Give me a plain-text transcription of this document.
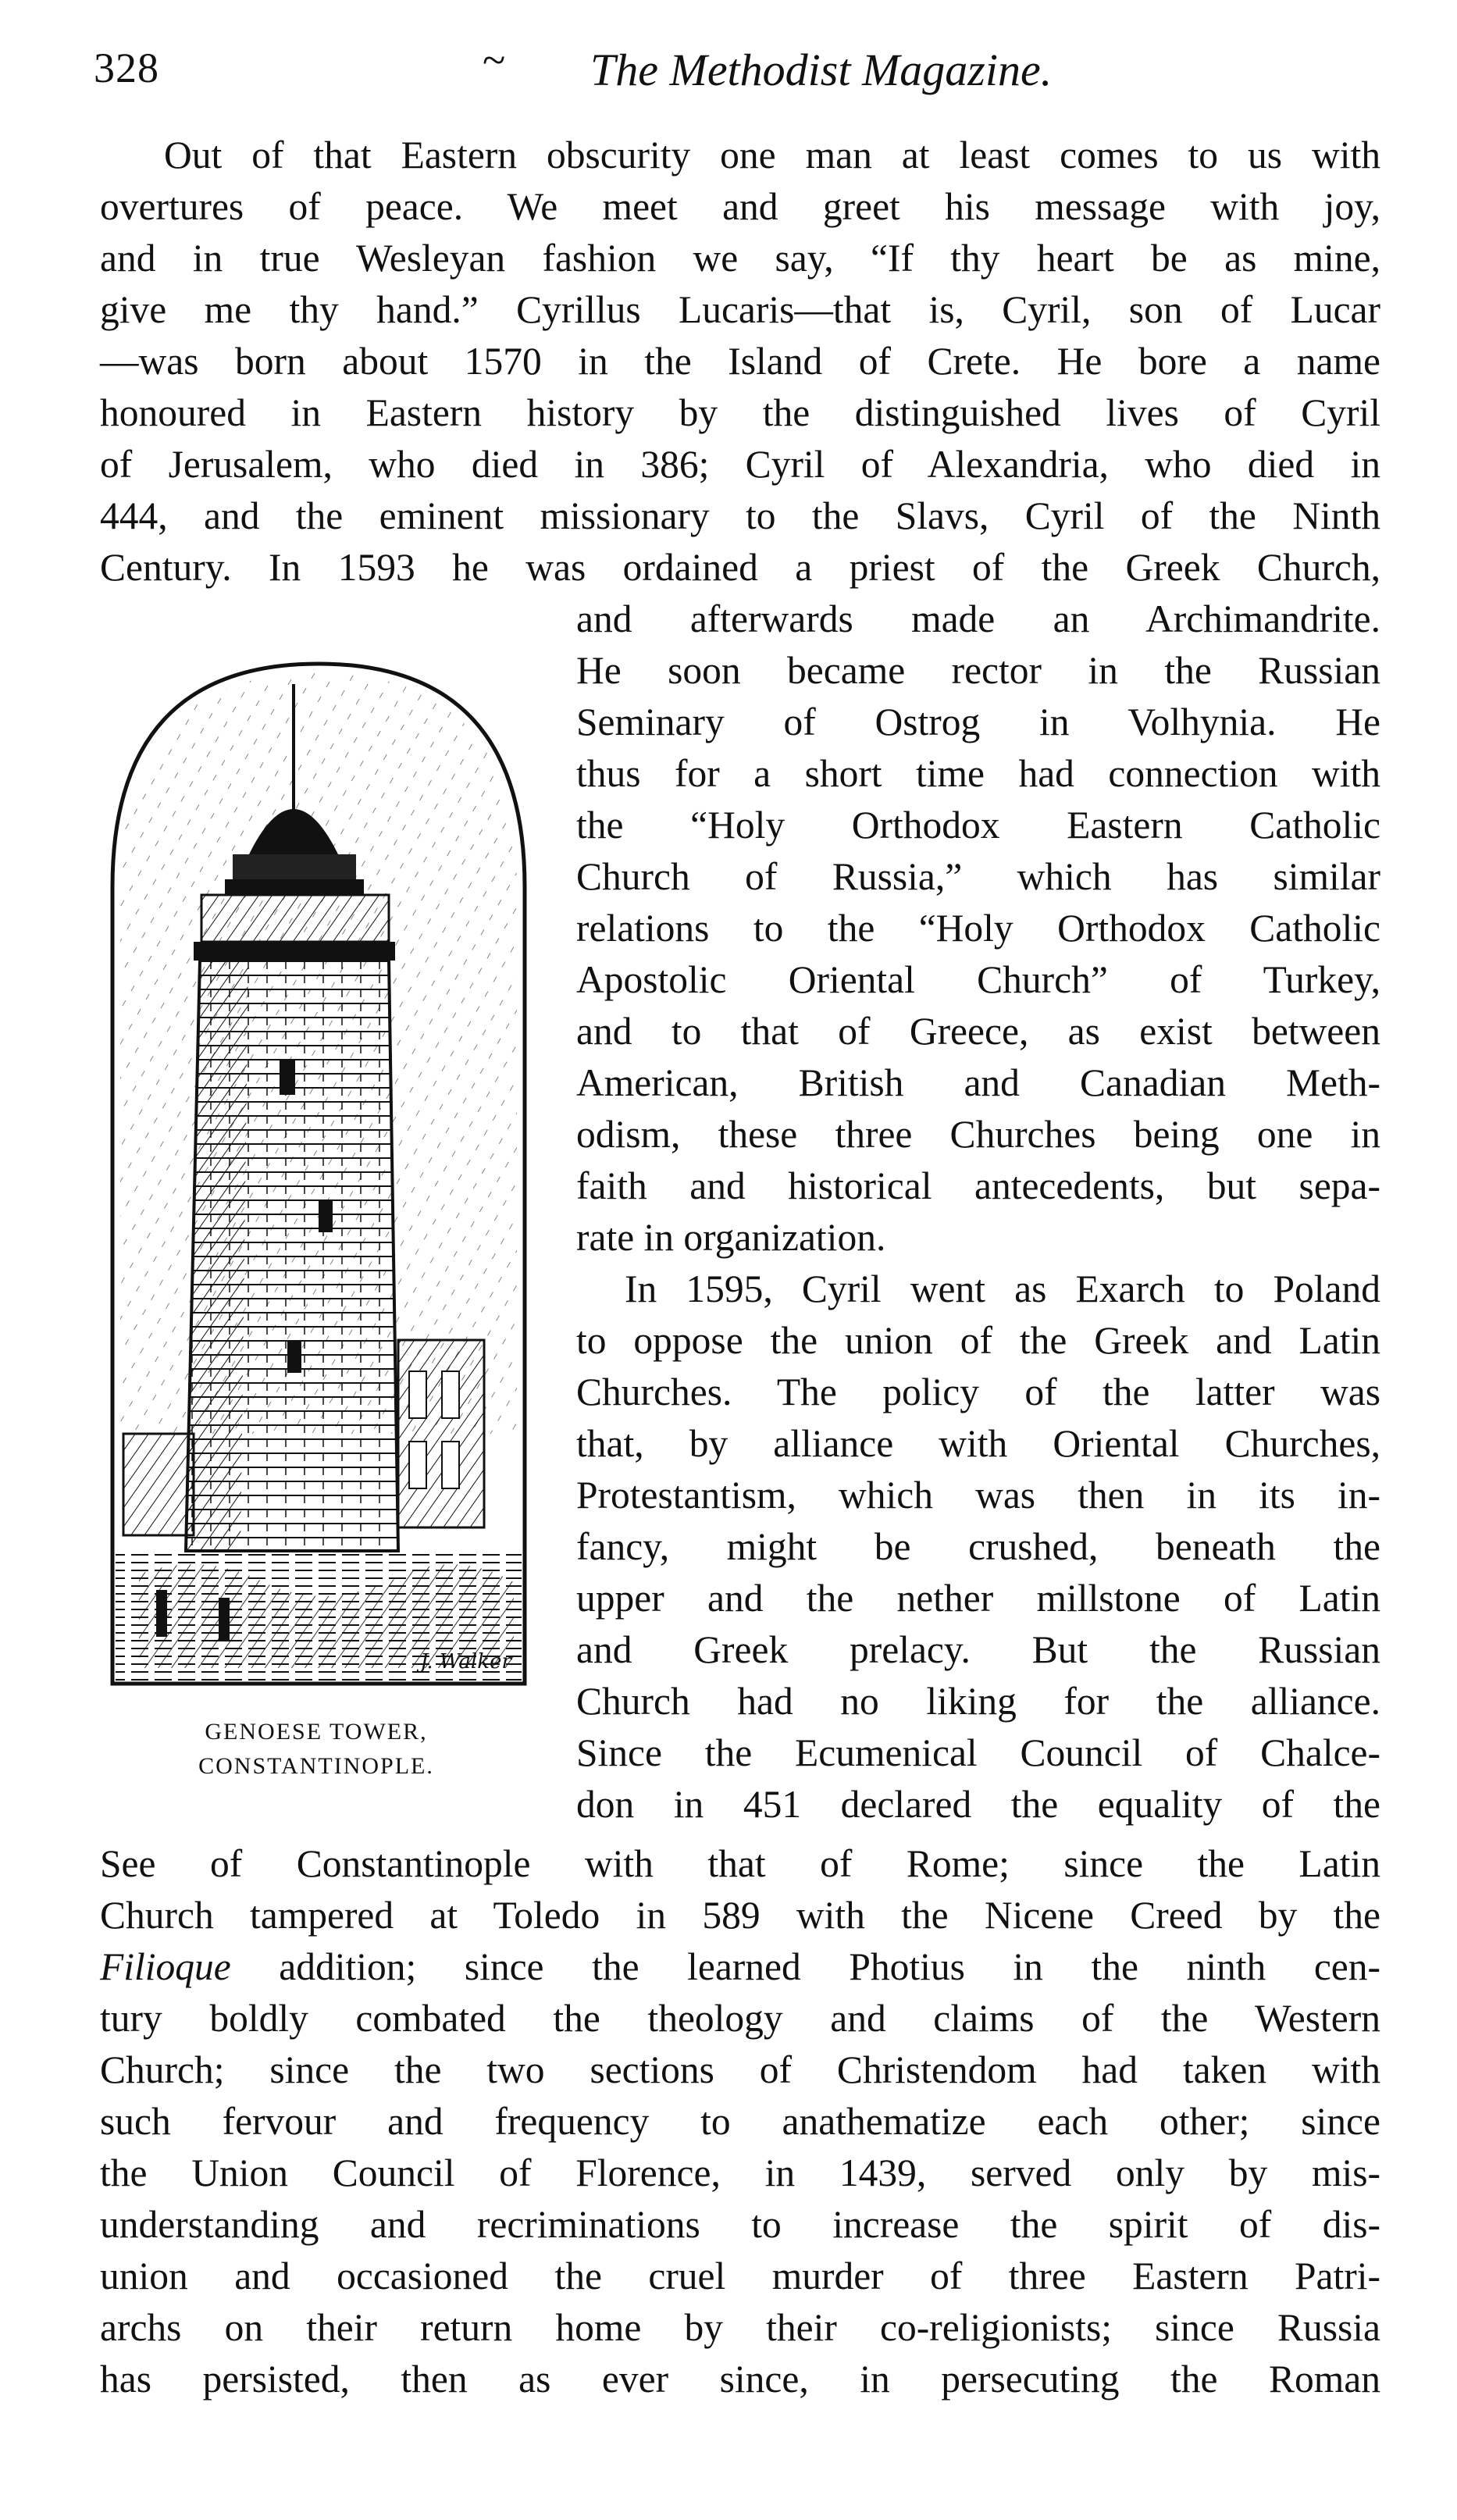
328	~ The Methodist Magazine.
Out of that Eastern obscurity one man at least comes to us with
overtures of peace. We meet and greet his message with joy,
and in true Wesleyan fashion we say, “If thy heart be as mine,
give me thy hand.” Cyrillus Lucaris—that is, Cyril, son of Lucar
—was born about 1570 in the Island of Crete. He bore a name
honoured in Eastern history by the distinguished lives of Cyril
of Jerusalem, who died in 386; Cyril of Alexandria, who died in
444, and the eminent missionary to the Slavs, Cyril of the Ninth
Century. In 1593 he was ordained a priest of the Greek Church,
J. Walker
GENOESE TOWER,
CONSTANTINOPLE.
and afterwards made an Archimandrite.
He soon became rector in the Russian
Seminary of Ostrog in Volhynia. He
thus for a short time had connection with
the “Holy Orthodox Eastern Catholic
Church of Russia,” which has similar
relations to the “Holy Orthodox Catholic
Apostolic Oriental Church” of Turkey,
and to that of Greece, as exist between
American, British and Canadian Meth-
odism, these three Churches being one in
faith and historical antecedents, but sepa-
rate in organization.
In 1595, Cyril went as Exarch to Poland
to oppose the union of the Greek and Latin
Churches. The policy of the latter was
that, by alliance with Oriental Churches,
Protestantism, which was then in its in-
fancy, might be crushed, beneath the
upper and the nether millstone of Latin
and Greek prelacy. But the Russian
Church had no liking for the alliance.
Since the Ecumenical Council of Chalce-
don in 451 declared the equality of the
See of Constantinople with that of Rome; since the Latin
Church tampered at Toledo in 589 with the Nicene Creed by the
Filioque addition; since the learned Photius in the ninth cen-
tury boldly combated the theology and claims of the Western
Church; since the two sections of Christendom had taken with
such fervour and frequency to anathematize each other; since
the Union Council of Florence, in 1439, served only by mis-
understanding and recriminations to increase the spirit of dis-
union and occasioned the cruel murder of three Eastern Patri-
archs on their return home by their co-religionists; since Russia
has persisted, then as ever since, in persecuting the Roman
